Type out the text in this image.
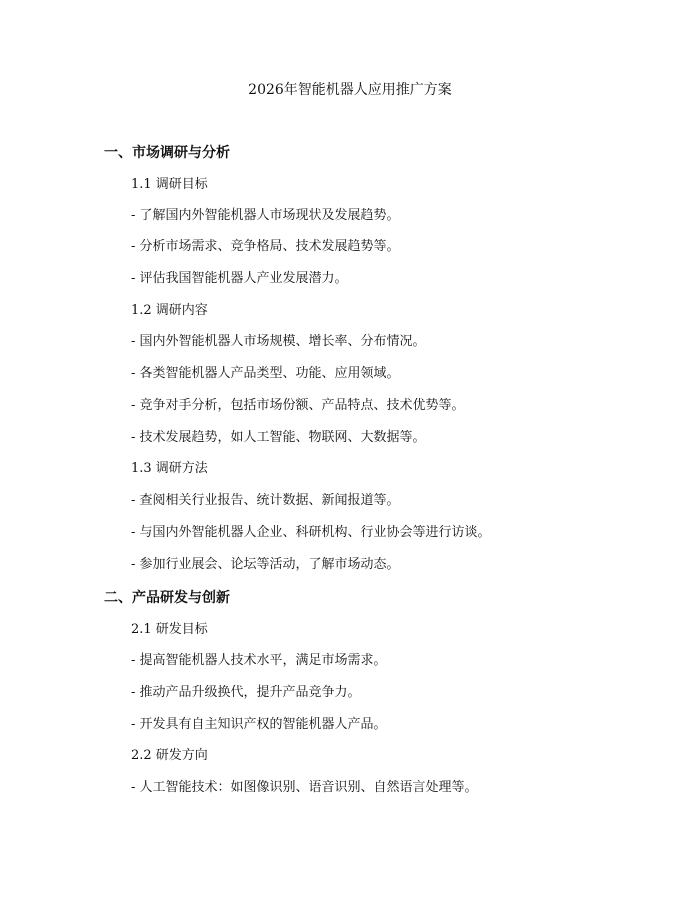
2026年智能机器人应用推广方案
一、市场调研与分析
1.1 调研目标
- 了解国内外智能机器人市场现状及发展趋势。
- 分析市场需求、竞争格局、技术发展趋势等。
- 评估我国智能机器人产业发展潜力。
1.2 调研内容
- 国内外智能机器人市场规模、增长率、分布情况。
- 各类智能机器人产品类型、功能、应用领域。
- 竞争对手分析，包括市场份额、产品特点、技术优势等。
- 技术发展趋势，如人工智能、物联网、大数据等。
1.3 调研方法
- 查阅相关行业报告、统计数据、新闻报道等。
- 与国内外智能机器人企业、科研机构、行业协会等进行访谈。
- 参加行业展会、论坛等活动，了解市场动态。
二、产品研发与创新
2.1 研发目标
- 提高智能机器人技术水平，满足市场需求。
- 推动产品升级换代，提升产品竞争力。
- 开发具有自主知识产权的智能机器人产品。
2.2 研发方向
- 人工智能技术：如图像识别、语音识别、自然语言处理等。
